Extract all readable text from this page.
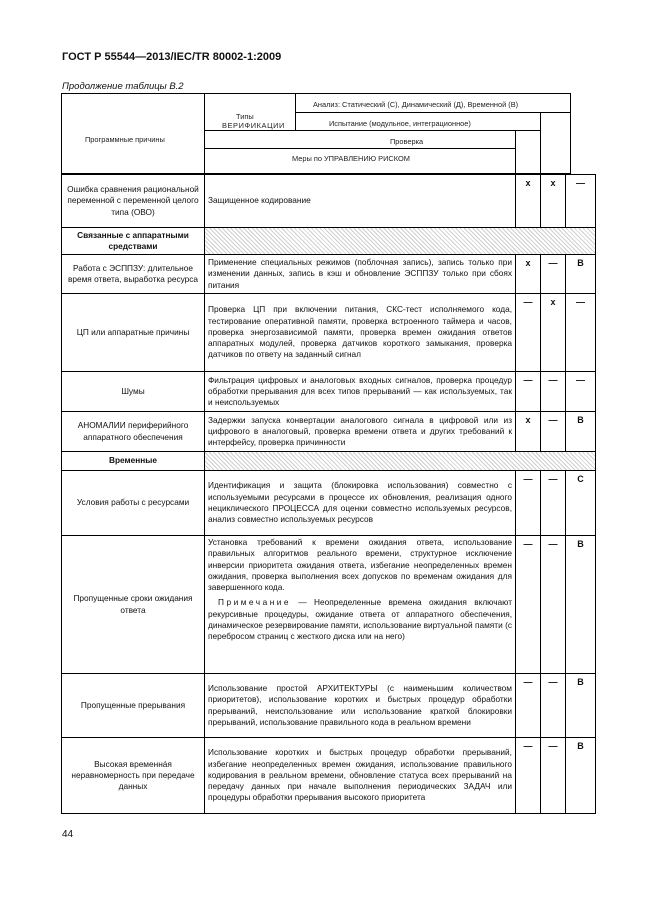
ГОСТ Р 55544—2013/IEC/TR 80002-1:2009
Продолжение таблицы В.2
Программные причины
Типы
ВЕРИФИКАЦИИ
Анализ: Статический (С), Динамический (Д), Временной (В)
Испытание (модульное, интеграционное)
Проверка
Меры по УПРАВЛЕНИЮ РИСКОМ
Ошибка сравнения рациональной переменной с переменной целого типа (ОВО)	Защищенное кодирование	х	х	—

Связанные с аппаратными средствами				
Работа с ЭСППЗУ: длительное время ответа, выработка ресурса	Применение специальных режимов (поблочная запись), запись только при изменении данных, запись в кэш и обновление ЭСППЗУ только при сбоях питания	х	—	В

ЦП или аппаратные причины	Проверка ЦП при включении питания, СКС-тест исполняемого кода, тестирование оперативной памяти, проверка встроенного таймера и часов, проверка энергозависимой памяти, проверка времен ожидания ответов аппаратных модулей, проверка датчиков короткого замыкания, проверка датчиков по ответу на заданный сигнал	—	х	—

Шумы	Фильтрация цифровых и аналоговых входных сигналов, проверка процедур обработки прерывания для всех типов прерываний — как используемых, так и неиспользуемых	—	—	—

АНОМАЛИИ периферийного аппаратного обеспечения	Задержки запуска конвертации аналогового сигнала в цифровой или из цифрового в аналоговый, проверка времени ответа и других требований к интерфейсу, проверка причинности	х	—	В

Временные				
Условия работы с ресурсами	Идентификация и защита (блокировка использования) совместно с используемыми ресурсами в процессе их обновления, реализация одного нециклического ПРОЦЕССА для оценки совместно используемых ресурсов, анализ совместно используемых ресурсов	—	—	С

Пропущенные сроки ожидания ответа	Установка требований к времени ожидания ответа, использование правильных алгоритмов реального времени, структурное исключение инверсии приоритета ожидания ответа, избегание неопределенных времен ожидания, проверка выполнения всех допусков по временам ожидания для завершенного кода.
Примечание — Неопределенные времена ожидания включают рекурсивные процедуры, ожидание ответа от аппаратного обеспечения, динамическое резервирование памяти, использование виртуальной памяти (с перебросом страниц с жесткого диска или на него)	—	—	В

Пропущенные прерывания	Использование простой АРХИТЕКТУРЫ (с наименьшим количеством приоритетов), использование коротких и быстрых процедур обработки прерываний, неиспользование или использование краткой блокировки прерываний, использование правильного кода в реальном времени	—	—	В

Высокая временнáя неравномерность при передаче данных	Использование коротких и быстрых процедур обработки прерываний, избегание неопределенных времен ожидания, использование правильного кодирования в реальном времени, обновление статуса всех прерываний на передачу данных при начале выполнения периодических ЗАДАЧ или процедуры обработки прерывания высокого приоритета	—	—	В
44
